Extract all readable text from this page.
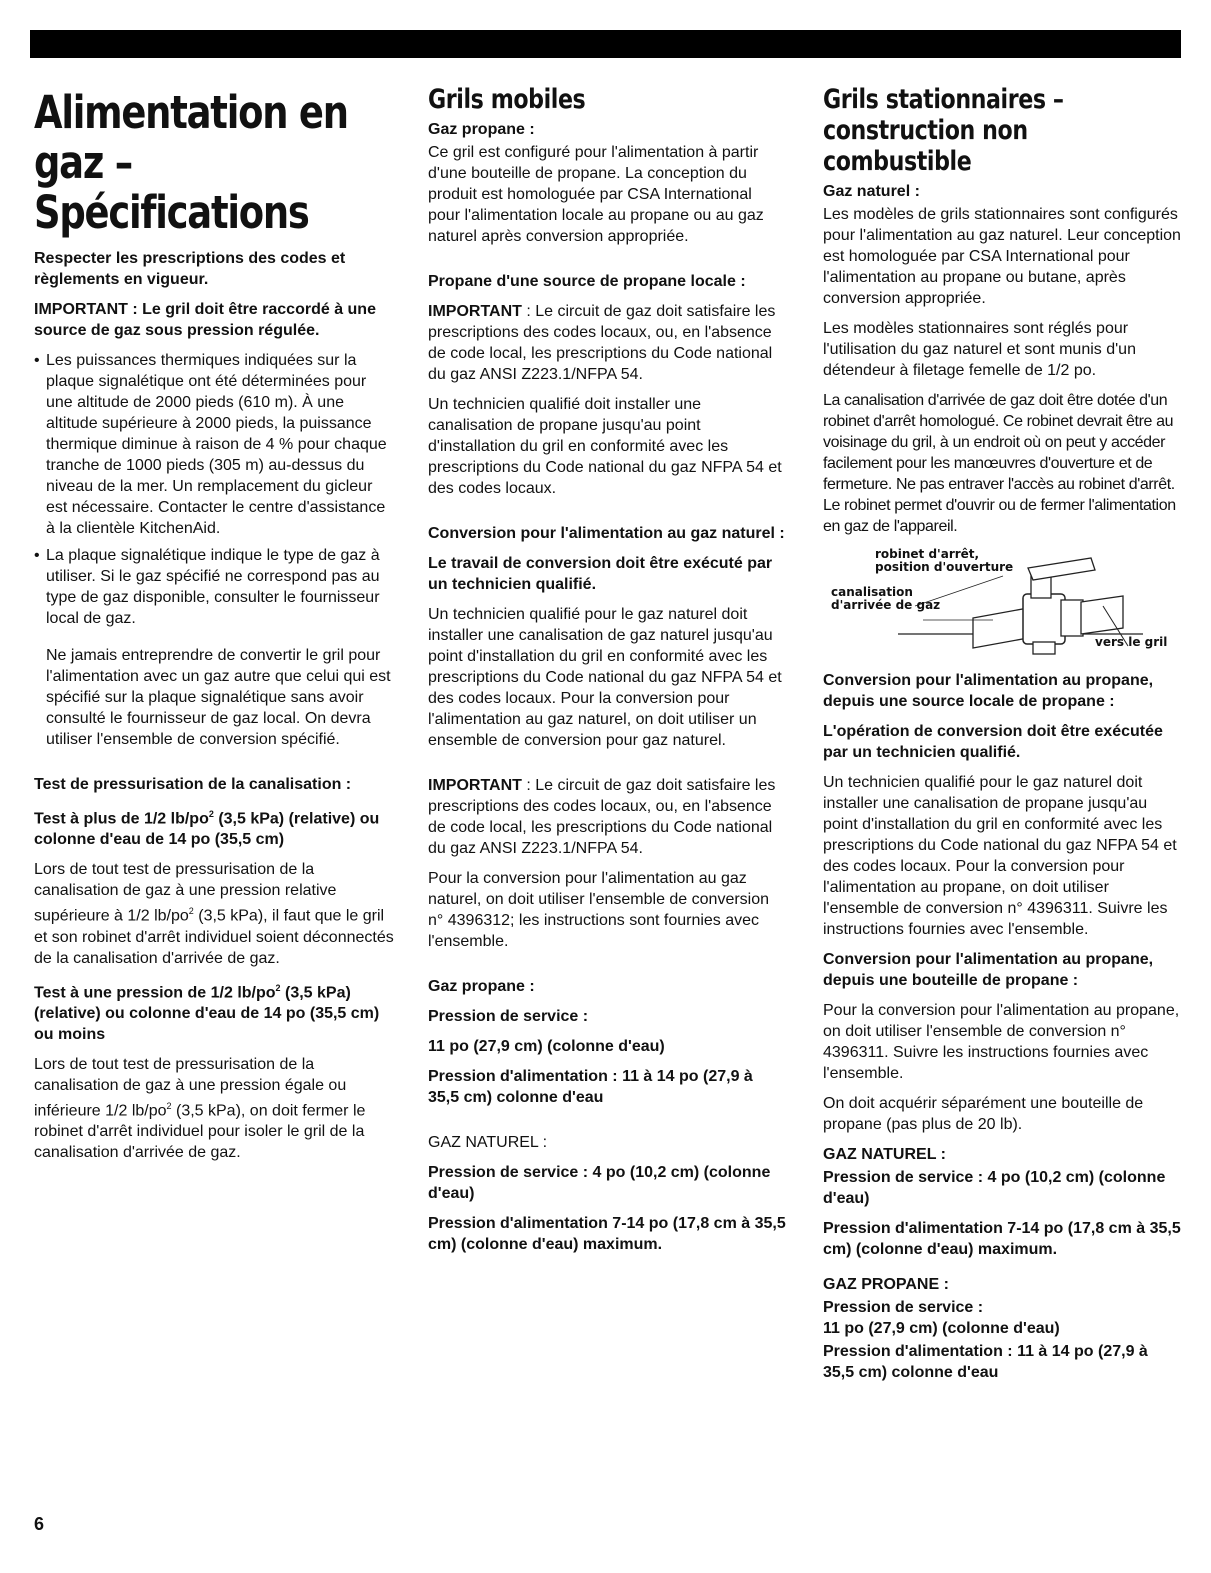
Alimentation en gaz – Spécifications

Respecter les prescriptions des codes et règlements en vigueur.

IMPORTANT : Le gril doit être raccordé à une source de gaz sous pression régulée.

• Les puissances thermiques indiquées sur la plaque signalétique ont été déterminées pour une altitude de 2000 pieds (610 m). À une altitude supérieure à 2000 pieds, la puissance thermique diminue à raison de 4 % pour chaque tranche de 1000 pieds (305 m) au-dessus du niveau de la mer. Un remplacement du gicleur est nécessaire. Contacter le centre d'assistance à la clientèle KitchenAid.
• La plaque signalétique indique le type de gaz à utiliser. Si le gaz spécifié ne correspond pas au type de gaz disponible, consulter le fournisseur local de gaz.

Ne jamais entreprendre de convertir le gril pour l'alimentation avec un gaz autre que celui qui est spécifié sur la plaque signalétique sans avoir consulté le fournisseur de gaz local. On devra utiliser l'ensemble de conversion spécifié.

Test de pressurisation de la canalisation :

Test à plus de 1/2 $lb/po^2$ (3,5 kPa) (relative) ou colonne d'eau de 14 po (35,5 cm)

Lors de tout test de pressurisation de la canalisation de gaz à une pression relative supérieure à 1/2 $lb/po^2$ (3,5 kPa), il faut que le gril et son robinet d'arrêt individuel soient déconnectés de la canalisation d'arrivée de gaz.

Test à une pression de 1/2 $lb/po^2$ (3,5 kPa) (relative) ou colonne d'eau de 14 po (35,5 cm) ou moins

Lors de tout test de pressurisation de la canalisation de gaz à une pression égale ou inférieure 1/2 $lb/po^2$ (3,5 kPa), on doit fermer le robinet d'arrêt individuel pour isoler le gril de la canalisation d'arrivée de gaz.

Grils mobiles

Gaz propane :

Ce gril est configuré pour l'alimentation à partir d'une bouteille de propane. La conception du produit est homologuée par CSA International pour l'alimentation locale au propane ou au gaz naturel après conversion appropriée.

Propane d'une source de propane locale :

IMPORTANT : Le circuit de gaz doit satisfaire les prescriptions des codes locaux, ou, en l'absence de code local, les prescriptions du Code national du gaz ANSI Z223.1/NFPA 54.

Un technicien qualifié doit installer une canalisation de propane jusqu'au point d'installation du gril en conformité avec les prescriptions du Code national du gaz NFPA 54 et des codes locaux.

Conversion pour l'alimentation au gaz naturel :

Le travail de conversion doit être exécuté par un technicien qualifié.

Un technicien qualifié pour le gaz naturel doit installer une canalisation de gaz naturel jusqu'au point d'installation du gril en conformité avec les prescriptions du Code national du gaz NFPA 54 et des codes locaux. Pour la conversion pour l'alimentation au gaz naturel, on doit utiliser un ensemble de conversion pour gaz naturel.

IMPORTANT : Le circuit de gaz doit satisfaire les prescriptions des codes locaux, ou, en l'absence de code local, les prescriptions du Code national du gaz ANSI Z223.1/NFPA 54.

Pour la conversion pour l'alimentation au gaz naturel, on doit utiliser l'ensemble de conversion n° 4396312; les instructions sont fournies avec l'ensemble.

Gaz propane :

Pression de service :

11 po (27,9 cm) (colonne d'eau)

Pression d'alimentation : 11 à 14 po (27,9 à 35,5 cm) colonne d'eau

GAZ NATUREL :

Pression de service : 4 po (10,2 cm) (colonne d'eau)

Pression d'alimentation 7-14 po (17,8 cm à 35,5 cm) (colonne d'eau) maximum.

Grils stationnaires – construction non combustible

Gaz naturel :

Les modèles de grils stationnaires sont configurés pour l'alimentation au gaz naturel. Leur conception est homologuée par CSA International pour l'alimentation au propane ou butane, après conversion appropriée.

Les modèles stationnaires sont réglés pour l'utilisation du gaz naturel et sont munis d'un détendeur à filetage femelle de 1/2 po.

La canalisation d'arrivée de gaz doit être dotée d'un robinet d'arrêt homologué. Ce robinet devrait être au voisinage du gril, à un endroit où on peut y accéder facilement pour les manœuvres d'ouverture et de fermeture. Ne pas entraver l'accès au robinet d'arrêt. Le robinet permet d'ouvrir ou de fermer l'alimentation en gaz de l'appareil.

robinet d'arrêt,
position d'ouverture
canalisation
d'arrivée de gaz
vers le gril

Conversion pour l'alimentation au propane, depuis une source locale de propane :

L'opération de conversion doit être exécutée par un technicien qualifié.

Un technicien qualifié pour le gaz naturel doit installer une canalisation de propane jusqu'au point d'installation du gril en conformité avec les prescriptions du Code national du gaz NFPA 54 et des codes locaux. Pour la conversion pour l'alimentation au propane, on doit utiliser l'ensemble de conversion n° 4396311. Suivre les instructions fournies avec l'ensemble.

Conversion pour l'alimentation au propane, depuis une bouteille de propane :

Pour la conversion pour l'alimentation au propane, on doit utiliser l'ensemble de conversion n° 4396311. Suivre les instructions fournies avec l'ensemble.

On doit acquérir séparément une bouteille de propane (pas plus de 20 lb).

GAZ NATUREL :

Pression de service : 4 po (10,2 cm) (colonne d'eau)

Pression d'alimentation 7-14 po (17,8 cm à 35,5 cm) (colonne d'eau) maximum.

GAZ PROPANE :

Pression de service :

11 po (27,9 cm) (colonne d'eau)

Pression d'alimentation : 11 à 14 po (27,9 à 35,5 cm) colonne d'eau

6
